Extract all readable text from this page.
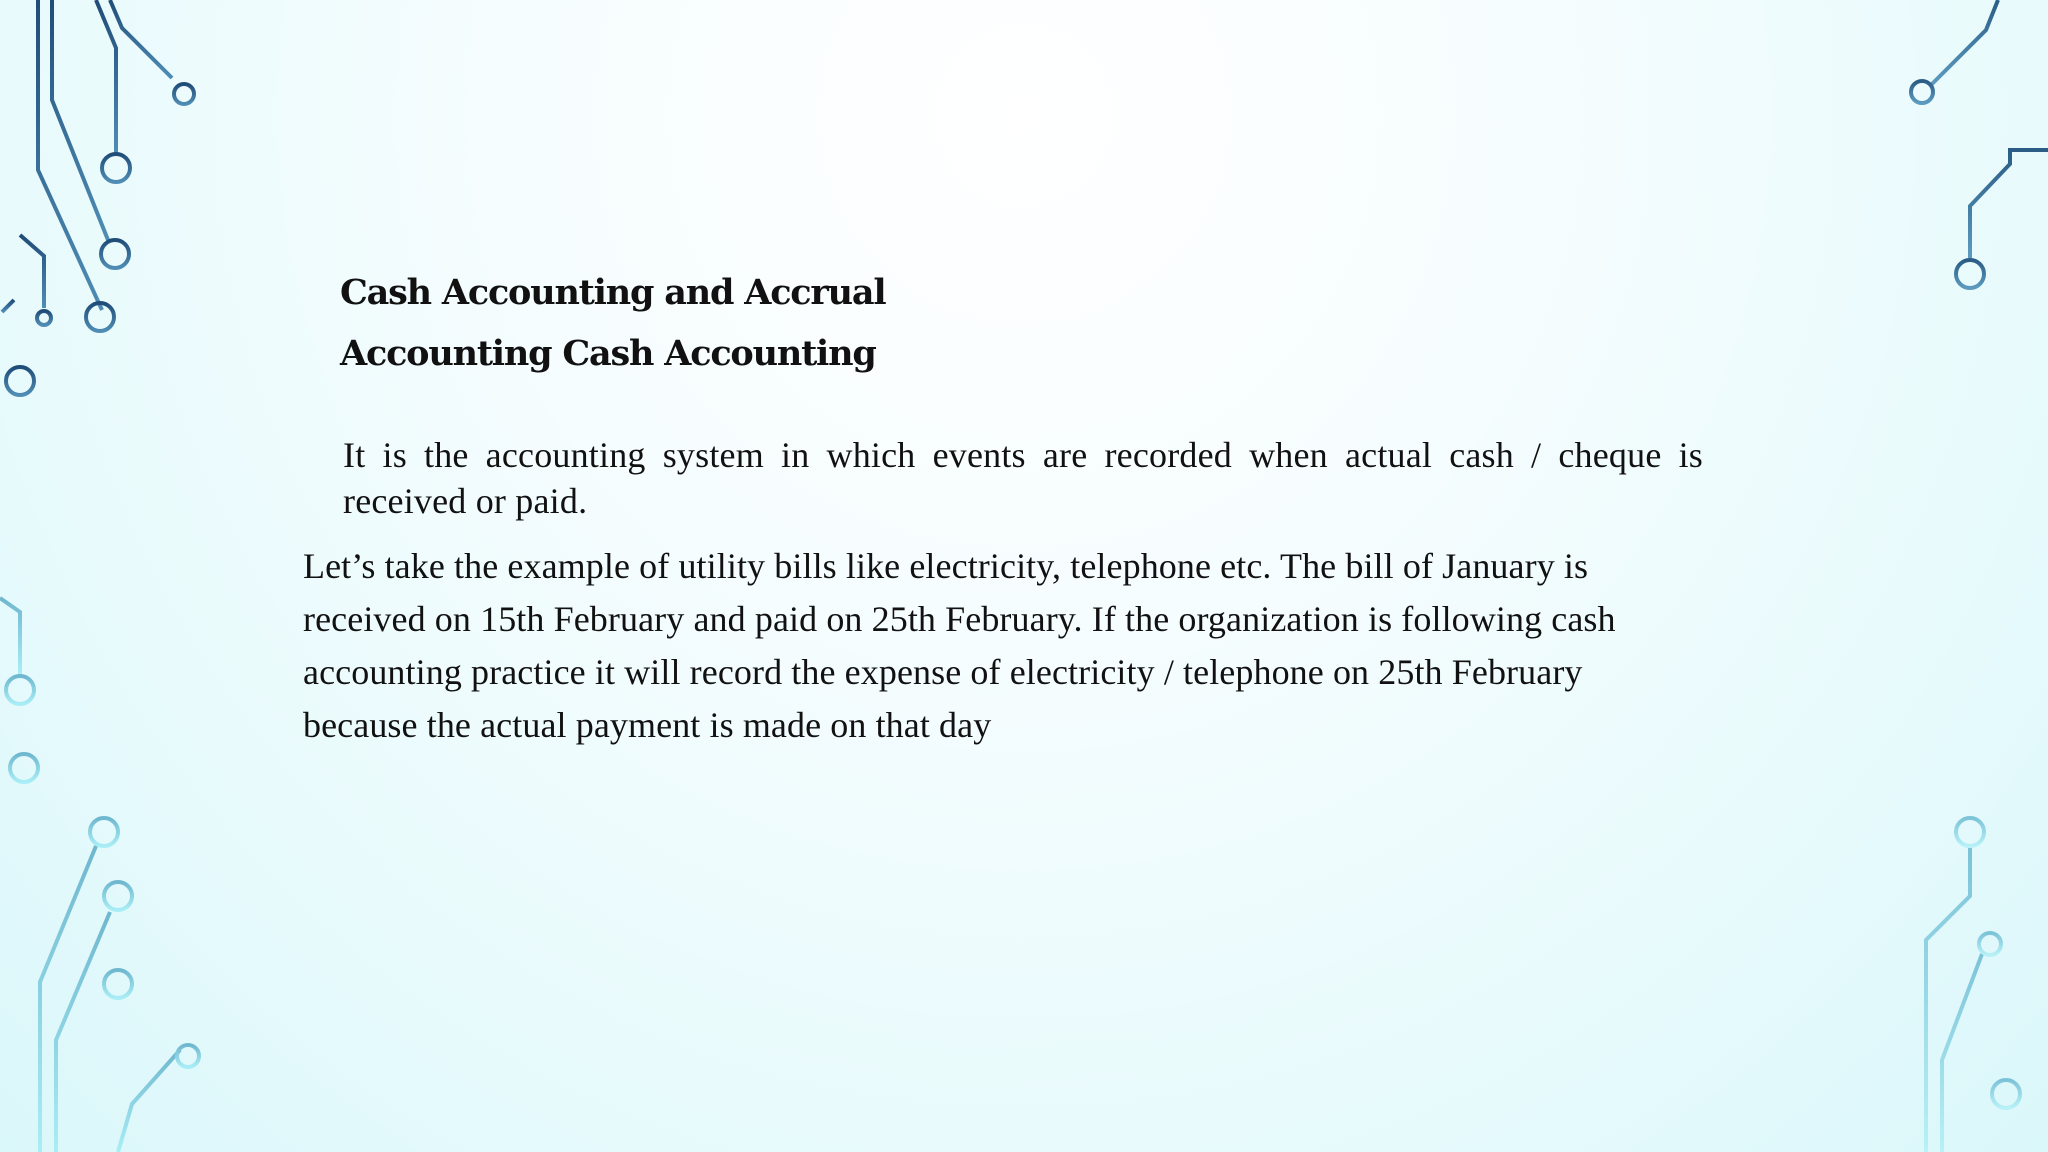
Cash Accounting and Accrual Accounting Cash Accounting

It is the accounting system in which events are recorded when actual cash / cheque is received or paid.

Let’s take the example of utility bills like electricity, telephone etc. The bill of January is received on 15th February and paid on 25th February. If the organization is following cash accounting practice it will record the expense of electricity / telephone on 25th February because the actual payment is made on that day
